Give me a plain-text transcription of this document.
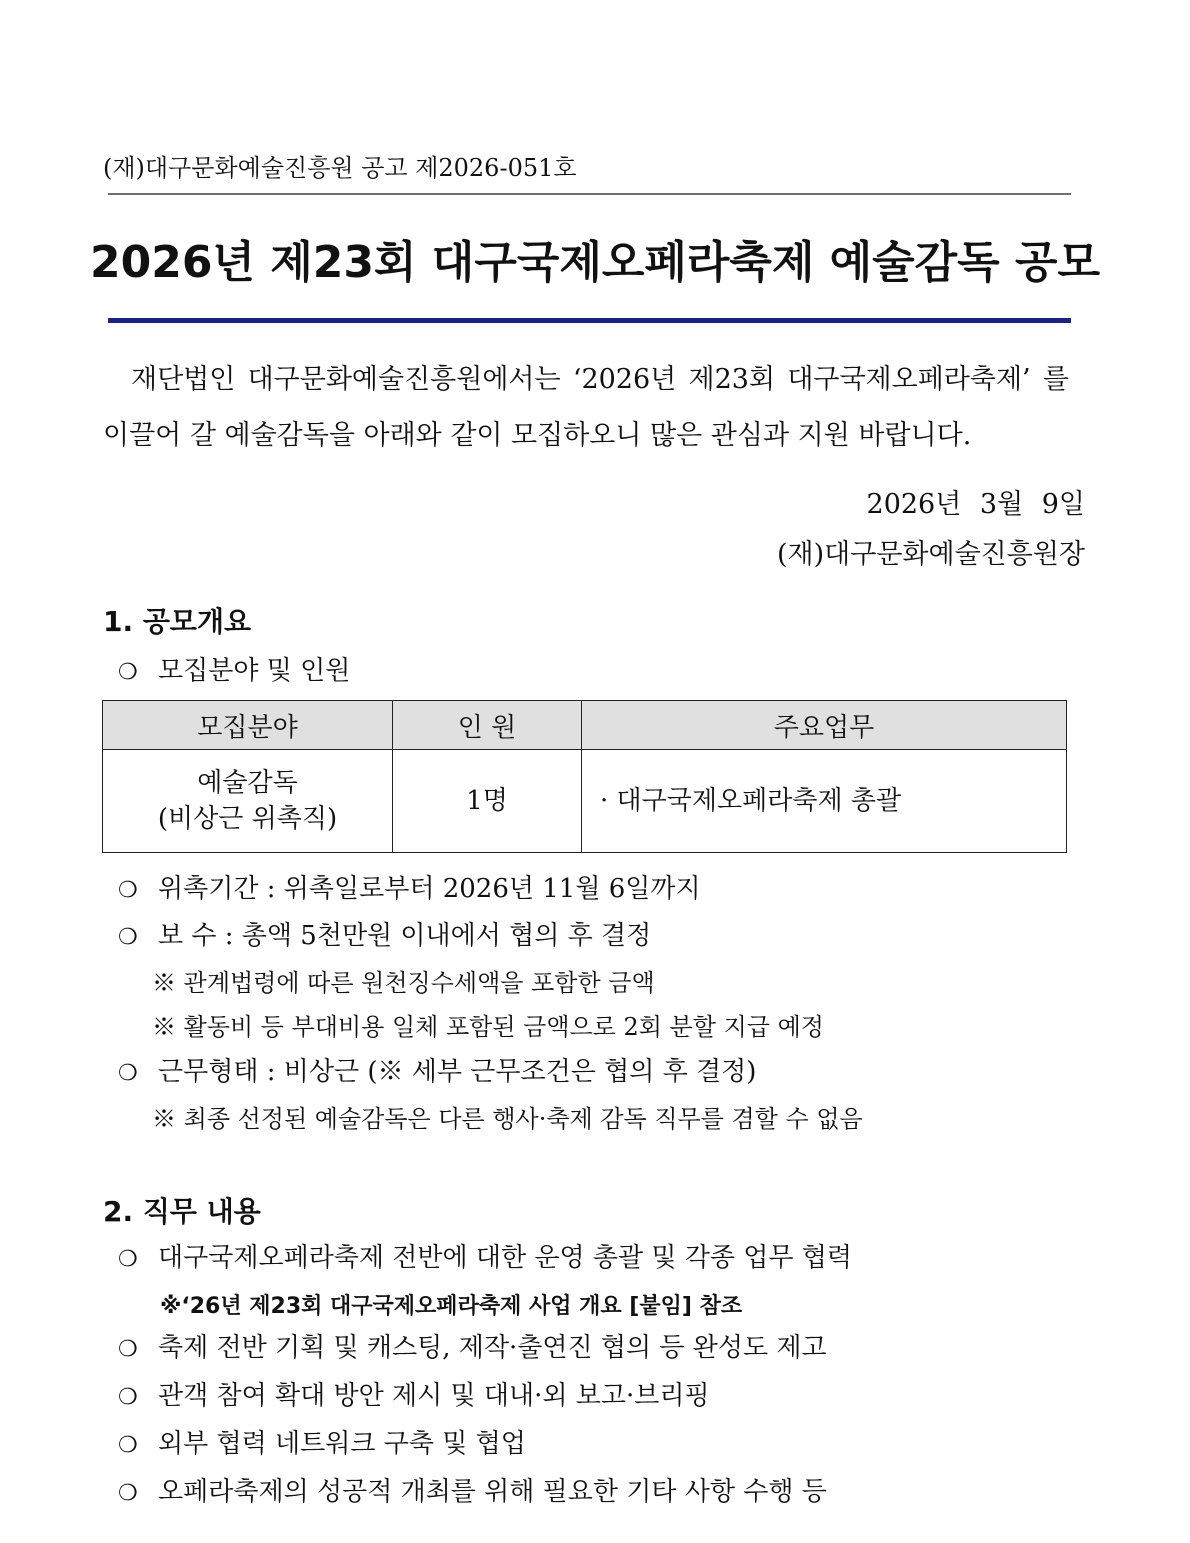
(재)대구문화예술진흥원 공고 제2026-051호
2026년 제23회 대구국제오페라축제 예술감독 공모
재단법인 대구문화예술진흥원에서는 ‘2026년 제23회 대구국제오페라축제’ 를 이끌어 갈 예술감독을 아래와 같이 모집하오니 많은 관심과 지원 바랍니다.
2026년 3월 9일
(재)대구문화예술진흥원장
1. 공모개요
❍ 모집분야 및 인원
모집분야	인 원	주요업무

예술감독
(비상근 위촉직)	1명	· 대구국제오페라축제 총괄
❍ 위촉기간 : 위촉일로부터 2026년 11월 6일까지
❍ 보 수 : 총액 5천만원 이내에서 협의 후 결정
※ 관계법령에 따른 원천징수세액을 포함한 금액
※ 활동비 등 부대비용 일체 포함된 금액으로 2회 분할 지급 예정
❍ 근무형태 : 비상근 (※ 세부 근무조건은 협의 후 결정)
※ 최종 선정된 예술감독은 다른 행사·축제 감독 직무를 겸할 수 없음
2. 직무 내용
❍ 대구국제오페라축제 전반에 대한 운영 총괄 및 각종 업무 협력
※‘26년 제23회 대구국제오페라축제 사업 개요 [붙임] 참조
❍ 축제 전반 기획 및 캐스팅, 제작·출연진 협의 등 완성도 제고
❍ 관객 참여 확대 방안 제시 및 대내·외 보고·브리핑
❍ 외부 협력 네트워크 구축 및 협업
❍ 오페라축제의 성공적 개최를 위해 필요한 기타 사항 수행 등
